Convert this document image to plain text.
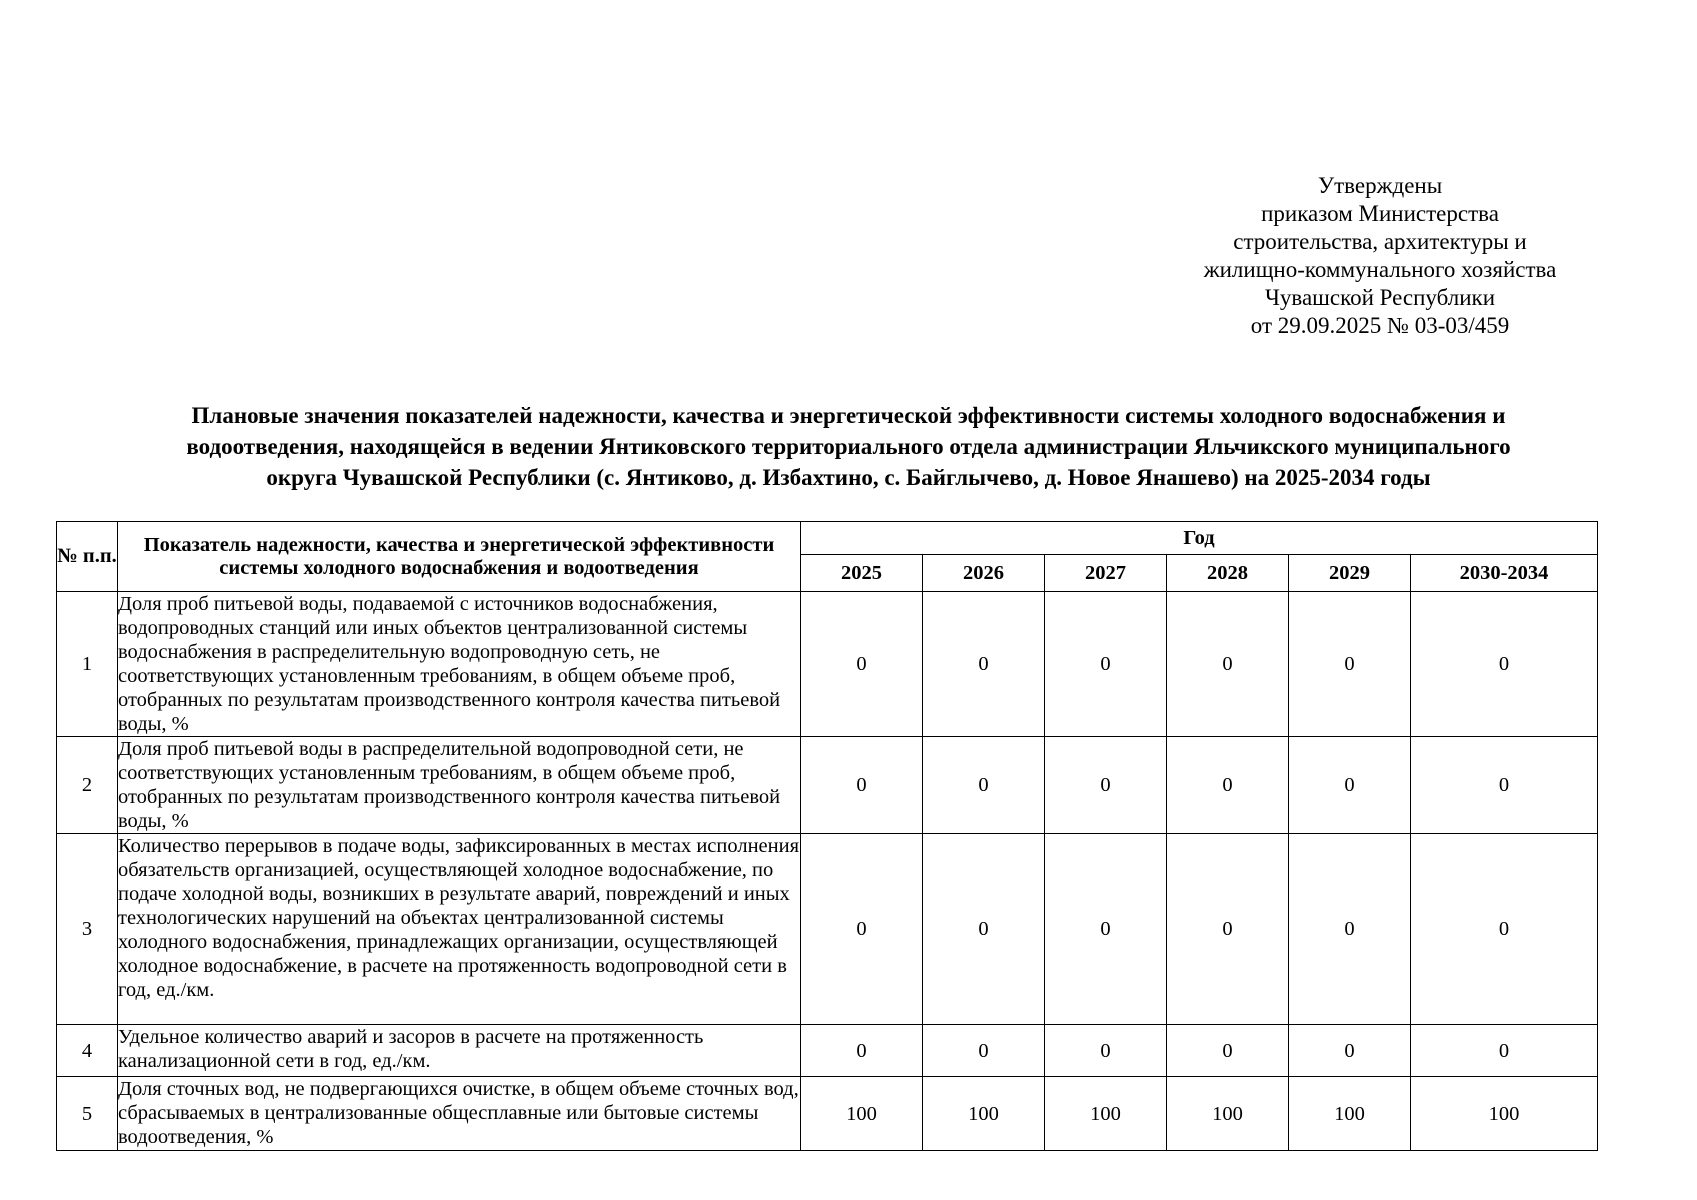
Утверждены
приказом Министерства
строительства, архитектуры и
жилищно-коммунального хозяйства
Чувашской Республики
от 29.09.2025 № 03-03/459
Плановые значения показателей надежности, качества и энергетической эффективности системы холодного водоснабжения и
водоотведения, находящейся в ведении Янтиковского территориального отдела администрации Яльчикского муниципального
округа Чувашской Республики (с. Янтиково, д. Избахтино, с. Байглычево, д. Новое Янашево) на 2025-2034 годы
№ п.п.	Показатель надежности, качества и энергетической эффективности системы холодного водоснабжения и водоотведения	Год					
		2025	2026	2027	2028	2029	2030-2034
1	Доля проб питьевой воды, подаваемой с источников водоснабжения, водопроводных станций или иных объектов централизованной системы водоснабжения в распределительную водопроводную сеть, не соответствующих установленным требованиям, в общем объеме проб, отобранных по результатам производственного контроля качества питьевой воды, %	0	0	0	0	0	0
2	Доля проб питьевой воды в распределительной водопроводной сети, не соответствующих установленным требованиям, в общем объеме проб, отобранных по результатам производственного контроля качества питьевой воды, %	0	0	0	0	0	0
3	Количество перерывов в подаче воды, зафиксированных в местах исполнения обязательств организацией, осуществляющей холодное водоснабжение, по подаче холодной воды, возникших в результате аварий, повреждений и иных технологических нарушений на объектах централизованной системы холодного водоснабжения, принадлежащих организации, осуществляющей холодное водоснабжение, в расчете на протяженность водопроводной сети в год, ед./км.	0	0	0	0	0	0
4	Удельное количество аварий и засоров в расчете на протяженность канализационной сети в год, ед./км.	0	0	0	0	0	0
5	Доля сточных вод, не подвергающихся очистке, в общем объеме сточных вод, сбрасываемых в централизованные общесплавные или бытовые системы водоотведения, %	100	100	100	100	100	100
